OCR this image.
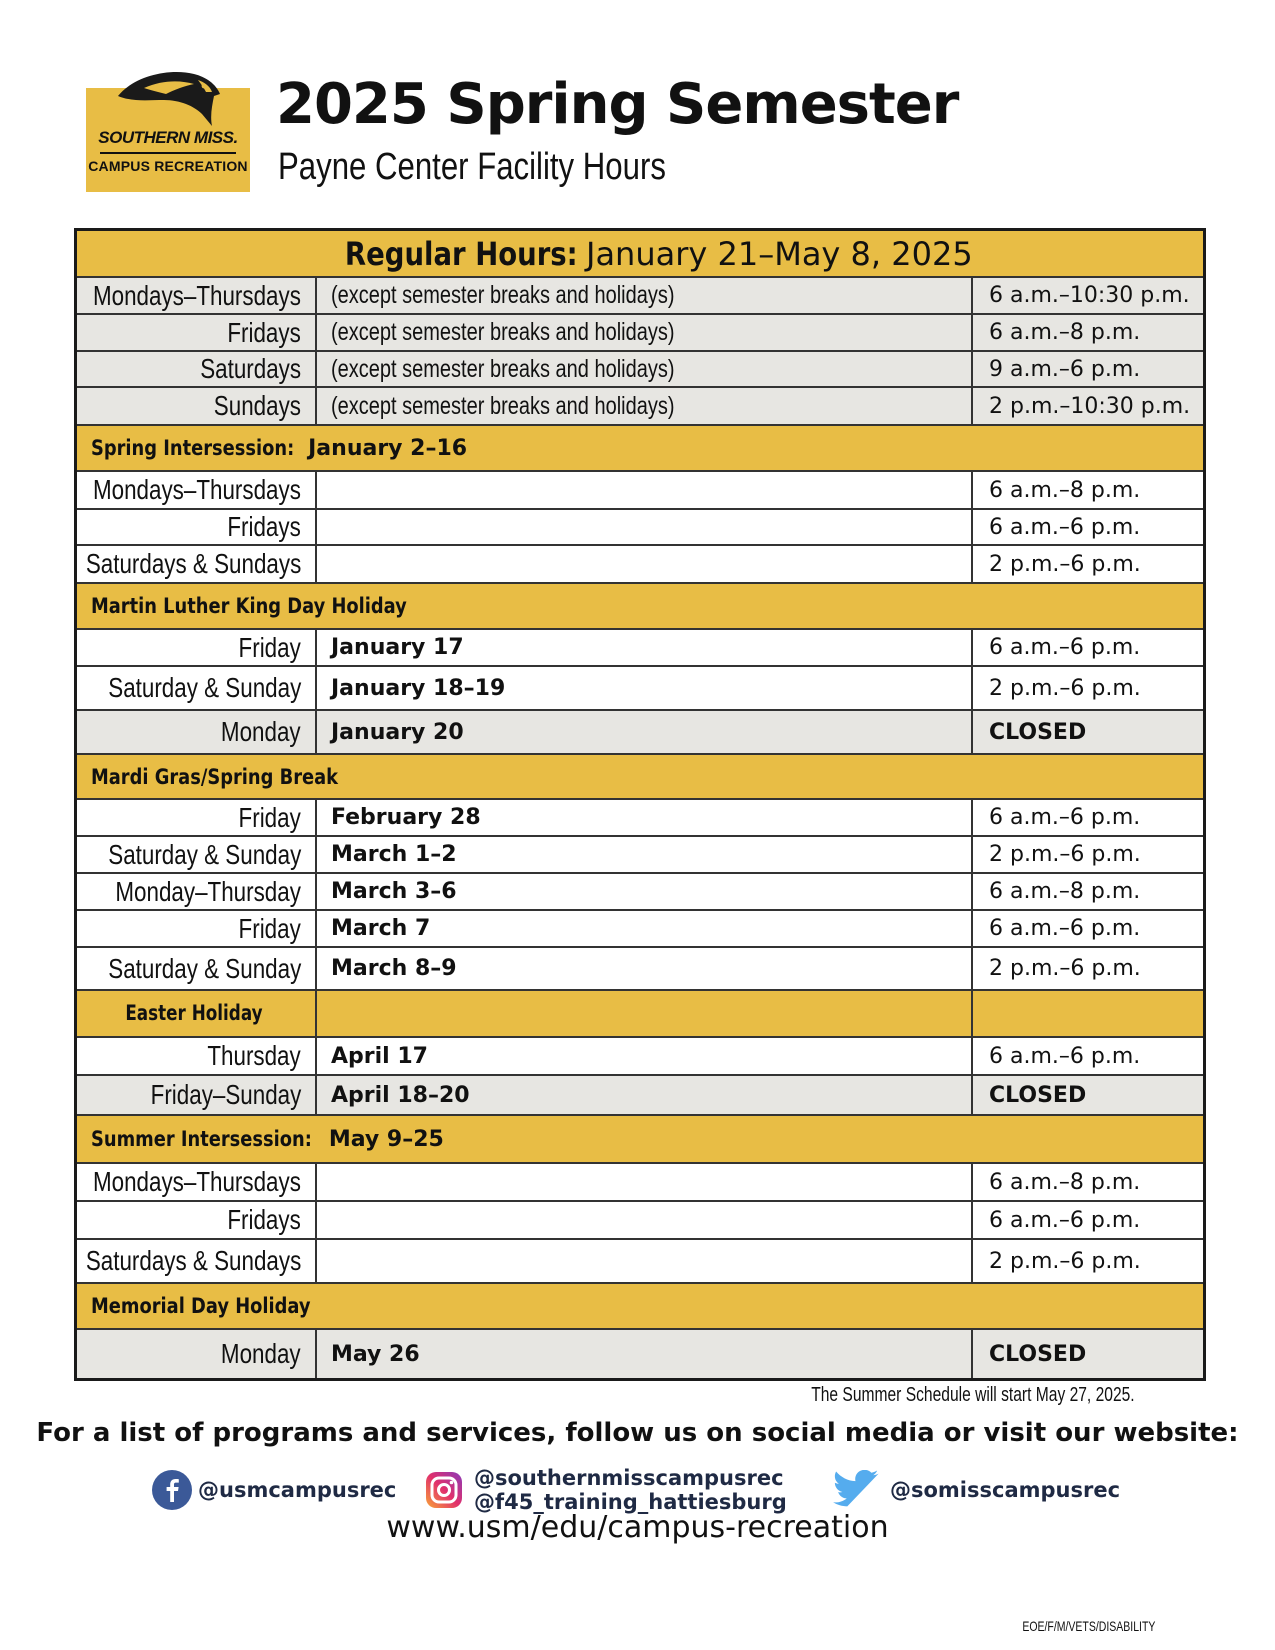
SOUTHERN MISS.
CAMPUS RECREATION
2025 Spring Semester
Payne Center Facility Hours
Regular Hours: January 21–May 8, 2025
Mondays–Thursdays (except semester breaks and holidays)	6 a.m.–10:30 p.m.
Fridays (except semester breaks and holidays)	6 a.m.–8 p.m.
Saturdays (except semester breaks and holidays)	9 a.m.–6 p.m.
Sundays (except semester breaks and holidays)	2 p.m.–10:30 p.m.
Spring Intersession: January 2–16
Mondays–Thursdays	6 a.m.–8 p.m.
Fridays	6 a.m.–6 p.m.
Saturdays & Sundays	2 p.m.–6 p.m.
Martin Luther King Day Holiday
Friday	January 17	6 a.m.–6 p.m.
Saturday & Sunday	January 18–19	2 p.m.–6 p.m.
Monday	January 20	CLOSED
Mardi Gras/Spring Break
Friday	February 28	6 a.m.–6 p.m.
Saturday & Sunday	March 1–2	2 p.m.–6 p.m.
Monday–Thursday	March 3–6	6 a.m.–8 p.m.
Friday	March 7	6 a.m.–6 p.m.
Saturday & Sunday	March 8–9	2 p.m.–6 p.m.
Easter Holiday
Thursday	April 17	6 a.m.–6 p.m.
Friday–Sunday	April 18–20	CLOSED
Summer Intersession: May 9–25
Mondays–Thursdays	6 a.m.–8 p.m.
Fridays	6 a.m.–6 p.m.
Saturdays & Sundays	2 p.m.–6 p.m.
Memorial Day Holiday
Monday	May 26	CLOSED
The Summer Schedule will start May 27, 2025.
For a list of programs and services, follow us on social media or visit our website:
@usmcampusrec
@southernmisscampusrec
@f45_training_hattiesburg	@somisscampusrec
www.usm/edu/campus-recreation
EOE/F/M/VETS/DISABILITY
